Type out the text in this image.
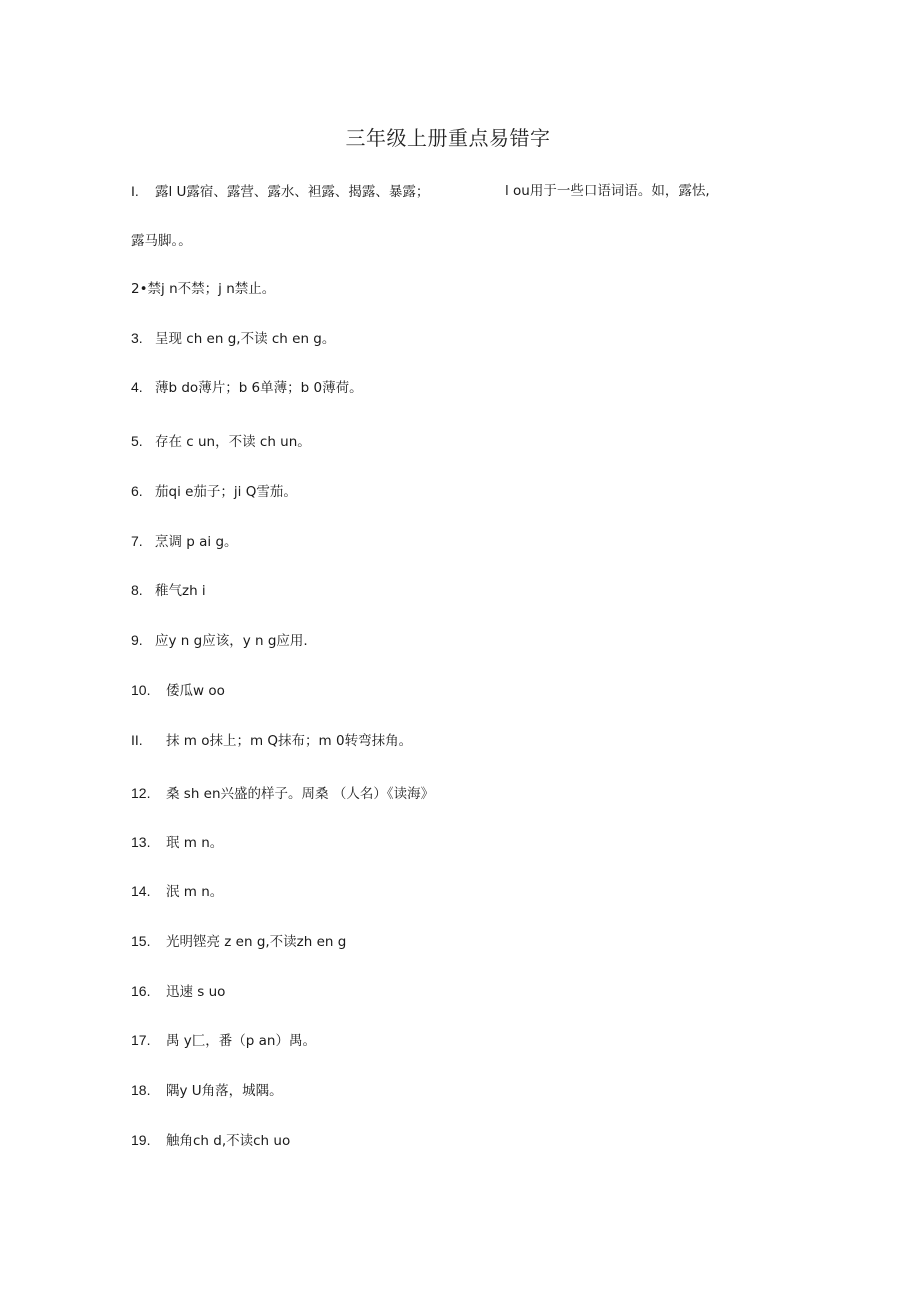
三年级上册重点易错字
I. 露l U露宿、露营、露水、袒露、揭露、暴露；	l ou用于一些口语词语。如，露怯,
露马脚。。
2•禁j n不禁；j n禁止。
3. 呈现 ch en g,不读 ch en g。
4. 薄b do薄片；b 6单薄；b 0薄荷。
5. 存在 c un，不读 ch un。
6. 茄qi e茄子；ji Q雪茄。
7. 烹调 p ai g。
8. 稚气zh i
9. 应y n g应该，y n g应用.
10. 倭瓜w oo
II. 抹 m o抹上；m Q抹布；m 0转弯抹角。
12. 桑 sh en兴盛的样子。周桑 （人名）《读海》
13. 珉 m n。
14. 泯 m n。
15. 光明铿亮 z en g,不读zh en g
16. 迅速 s uo
17. 禺 y匚，番（p an）禺。
18. 隅y U角落，城隅。
19. 触角ch d,不读ch uo
